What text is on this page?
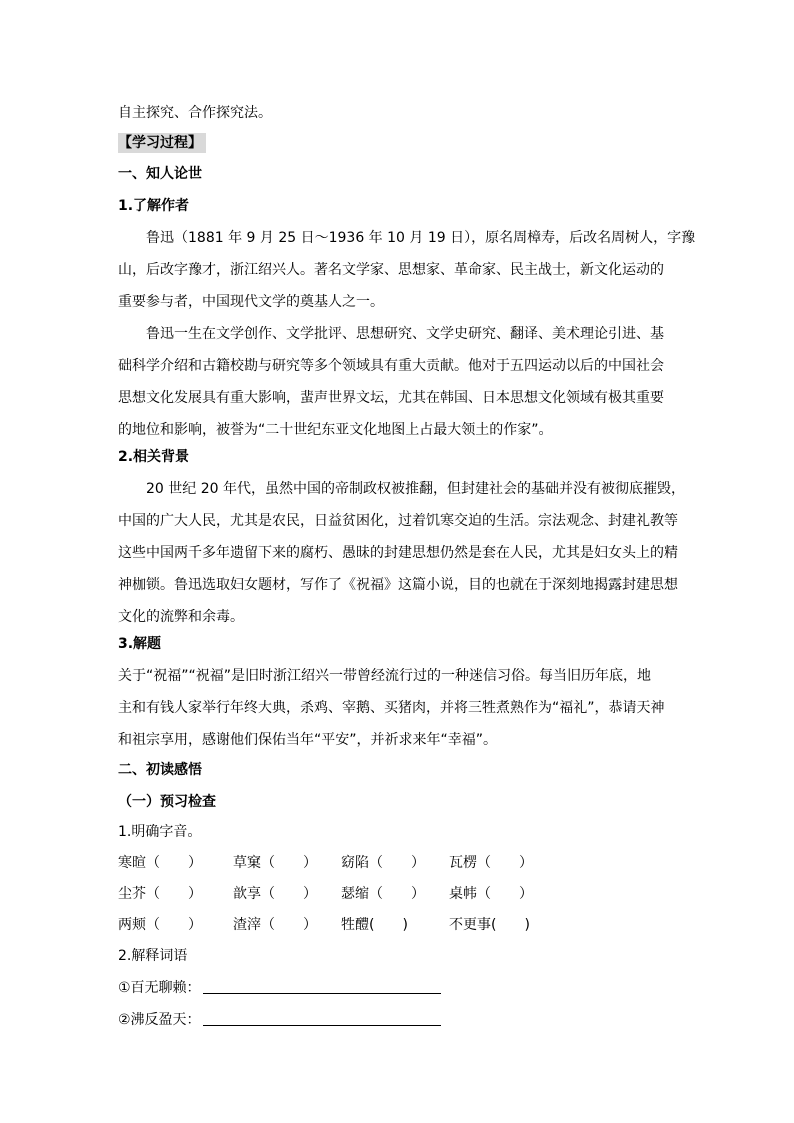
自主探究、合作探究法。
【学习过程】
一、知人论世
1.了解作者
鲁迅（1881 年 9 月 25 日～1936 年 10 月 19 日），原名周樟寿，后改名周树人，字豫
山，后改字豫才，浙江绍兴人。著名文学家、思想家、革命家、民主战士，新文化运动的
重要参与者，中国现代文学的奠基人之一。
鲁迅一生在文学创作、文学批评、思想研究、文学史研究、翻译、美术理论引进、基
础科学介绍和古籍校勘与研究等多个领域具有重大贡献。他对于五四运动以后的中国社会
思想文化发展具有重大影响，蜚声世界文坛，尤其在韩国、日本思想文化领域有极其重要
的地位和影响，被誉为“二十世纪东亚文化地图上占最大领土的作家”。
2.相关背景
20 世纪 20 年代，虽然中国的帝制政权被推翻，但封建社会的基础并没有被彻底摧毁，
中国的广大人民，尤其是农民，日益贫困化，过着饥寒交迫的生活。宗法观念、封建礼教等
这些中国两千多年遗留下来的腐朽、愚昧的封建思想仍然是套在人民，尤其是妇女头上的精
神枷锁。鲁迅选取妇女题材，写作了《祝福》这篇小说，目的也就在于深刻地揭露封建思想
文化的流弊和余毒。
3.解题
关于“祝福”“祝福”是旧时浙江绍兴一带曾经流行过的一种迷信习俗。每当旧历年底，地
主和有钱人家举行年终大典，杀鸡、宰鹅、买猪肉，并将三牲煮熟作为“福礼”，恭请天神
和祖宗享用，感谢他们保佑当年“平安”，并祈求来年“幸福”。
二、初读感悟
（一）预习检查
1.明确字音。
寒暄（　　） 草窠（　　） 窈陷（　　） 瓦楞（　　）
尘芥（　　） 歆享（　　） 瑟缩（　　） 桌帏（　　）
两颊（　　） 渣滓（　　） 牲醴(　　)	不更事(　　)
2.解释词语
①百无聊赖：
②沸反盈天：
